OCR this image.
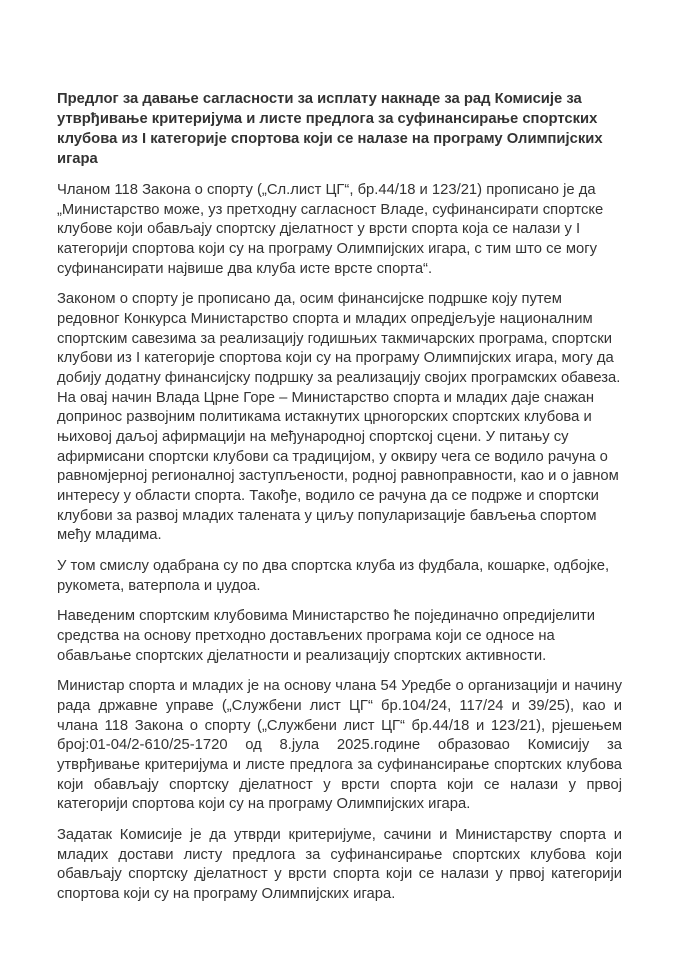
Предлог за давање сагласности за исплату накнаде за рад Комисије за утврђивање критеријума и листе предлога за суфинансирање спортских клубова из I категорије спортова који се налазе на програму Олимпијских игара

Чланом 118 Закона о спорту („Сл.лист ЦГ“, бр.44/18 и 123/21) прописано је да „Министарство може, уз претходну сагласност Владе, суфинансирати спортске клубове који обављају спортску дјелатност у врсти спорта која се налази у I категорији спортова који су на програму Олимпијских игара, с тим што се могу суфинансирати највише два клуба исте врсте спорта“.

Законом о спорту је прописано да, осим финансијске подршке коју путем редовног Конкурса Министарство спорта и младих опредјељује националним спортским савезима за реализацију годишњих такмичарских програма, спортски клубови из I категорије спортова који су на програму Олимпијских игара, могу да добију додатну финансијску подршку за реализацију својих програмских обавеза. На овај начин Влада Црне Горе – Министарство спорта и младих даје снажан допринос развојним политикама истакнутих црногорских спортских клубова и њиховој даљој афирмацији на међународној спортској сцени. У питању су афирмисани спортски клубови са традицијом, у оквиру чега се водило рачуна о равномјерној регионалној заступљености, родној равноправности, као и о јавном интересу у области спорта. Такође, водило се рачуна да се подрже и спортски клубови за развој младих талената у циљу популаризације бављења спортом међу младима.

У том смислу одабрана су по два спортска клуба из фудбала, кошарке, одбојке, рукомета, ватерпола и џудоа.

Наведеним спортским клубовима Министарство ће појединачно опредијелити средства на основу претходно достављених програма који се односе на обављање спортских дјелатности и реализацију спортских активности.

Министар спорта и младих је на основу члана 54 Уредбе о организацији и начину рада државне управе („Службени лист ЦГ“ бр.104/24, 117/24 и 39/25), као и члана 118 Закона о спорту („Службени лист ЦГ“ бр.44/18 и 123/21), рјешењем број:01-04/2-610/25-1720 од 8.јула 2025.године образовао Комисију за утврђивање критеријума и листе предлога за суфинансирање спортских клубова који обављају спортску дјелатност у врсти спорта који се налази у првој категорији спортова који су на програму Олимпијских игара.

Задатак Комисије је да утврди критеријуме, сачини и Министарству спорта и младих достави листу предлога за суфинансирање спортских клубова који обављају спортску дјелатност у врсти спорта који се налази у првој категорији спортова који су на програму Олимпијских игара.
